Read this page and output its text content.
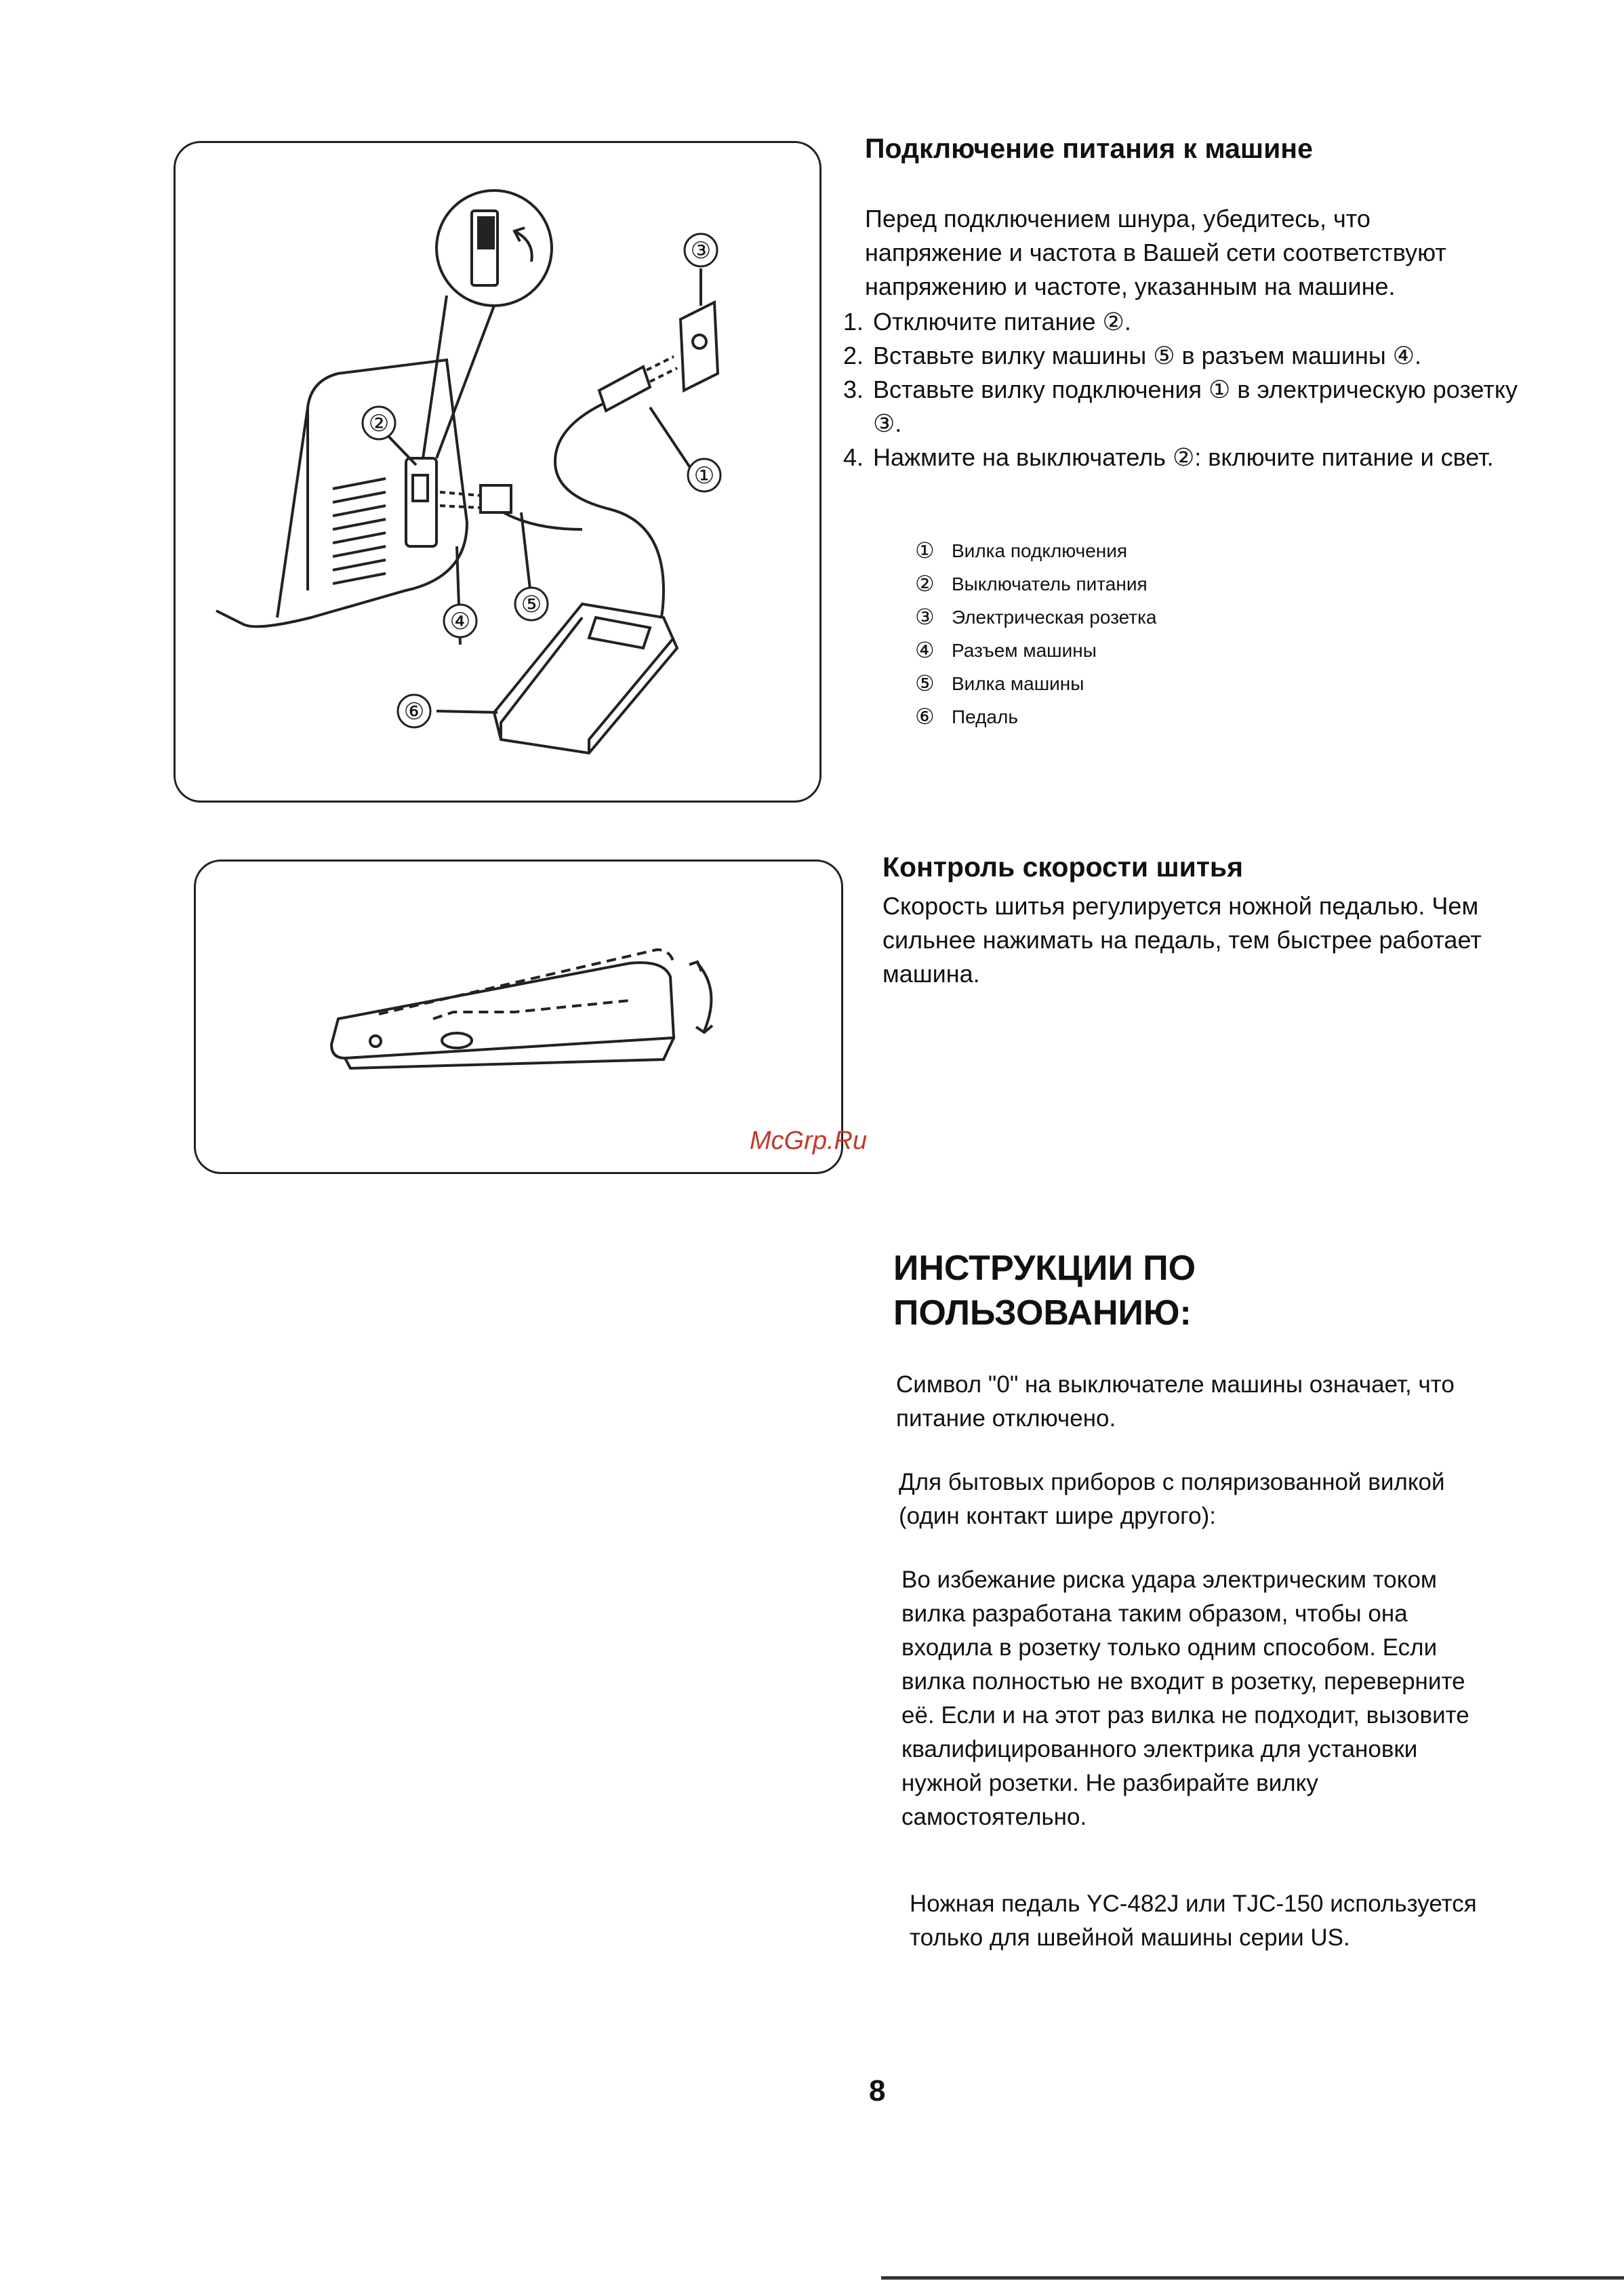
③
②
①
⑤
④
⑥
Подключение питания к машине

Перед подключением шнура, убедитесь, что напряжение и частота в Вашей сети соответствуют напряжению и частоте, указанным на машине.

1. Отключите питание ②.
2. Вставьте вилку машины ⑤ в разъем машины ④.
3. Вставьте вилку подключения ① в электрическую розетку ③.
4. Нажмите на выключатель ②: включите питание и свет.
① Вилка подключения
② Выключатель питания
③ Электрическая розетка
④ Разъем машины
⑤ Вилка машины
⑥ Педаль
Контроль скорости шитья

Скорость шитья регулируется ножной педалью. Чем сильнее нажимать на педаль, тем быстрее работает машина.

McGrp.Ru
ИНСТРУКЦИИ ПО ПОЛЬЗОВАНИЮ:

Символ "0" на выключателе машины означает, что питание отключено.

Для бытовых приборов с поляризованной вилкой (один контакт шире другого):

Во избежание риска удара электрическим током вилка разработана таким образом, чтобы она входила в розетку только одним способом. Если вилка полностью не входит в розетку, переверните её. Если и на этот раз вилка не подходит, вызовите квалифицированного электрика для установки нужной розетки. Не разбирайте вилку самостоятельно.

Ножная педаль YC-482J или TJC-150 используется только для швейной машины серии US.

8
